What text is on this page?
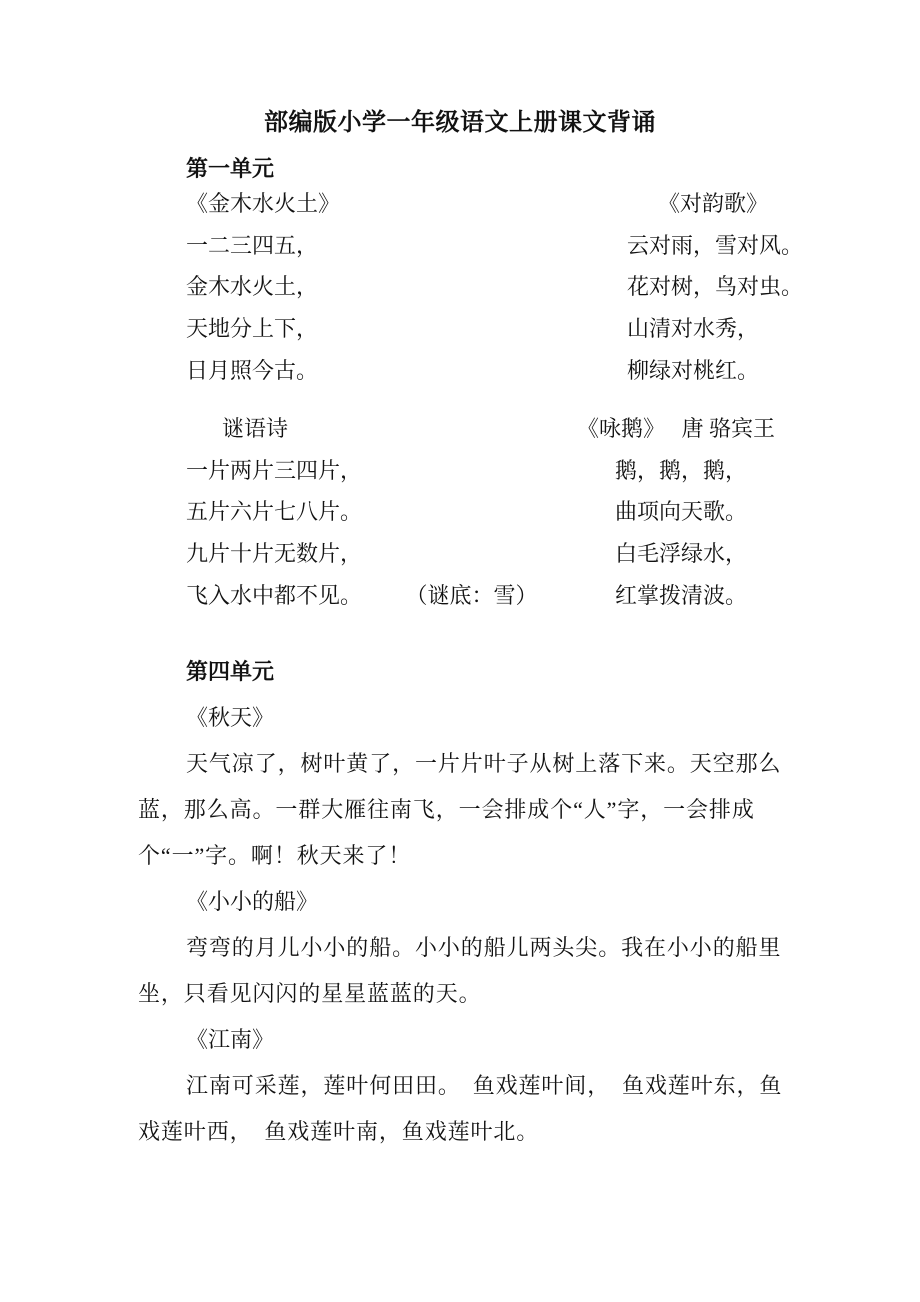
部编版小学一年级语文上册课文背诵
第一单元
《金木水火土》
一二三四五，
金木水火土，
天地分上下，
日月照今古。
《对韵歌》
云对雨，雪对风。
花对树，鸟对虫。
山清对水秀，
柳绿对桃红。
谜语诗
一片两片三四片，
五片六片七八片。
九片十片无数片，
飞入水中都不见。 （谜底：雪）
《咏鹅》　 唐 骆宾王
鹅，鹅，鹅，
曲项向天歌。
白毛浮绿水，
红掌拨清波。
第四单元
《秋天》
天气凉了，树叶黄了，一片片叶子从树上落下来。天空那么
蓝，那么高。一群大雁往南飞，一会排成个“人”字，一会排成
个“一”字。啊！秋天来了！
《小小的船》
弯弯的月儿小小的船。小小的船儿两头尖。我在小小的船里
坐，只看见闪闪的星星蓝蓝的天。
《江南》
江南可采莲，莲叶何田田。　鱼戏莲叶间，　鱼戏莲叶东，鱼
戏莲叶西，　鱼戏莲叶南，鱼戏莲叶北。
